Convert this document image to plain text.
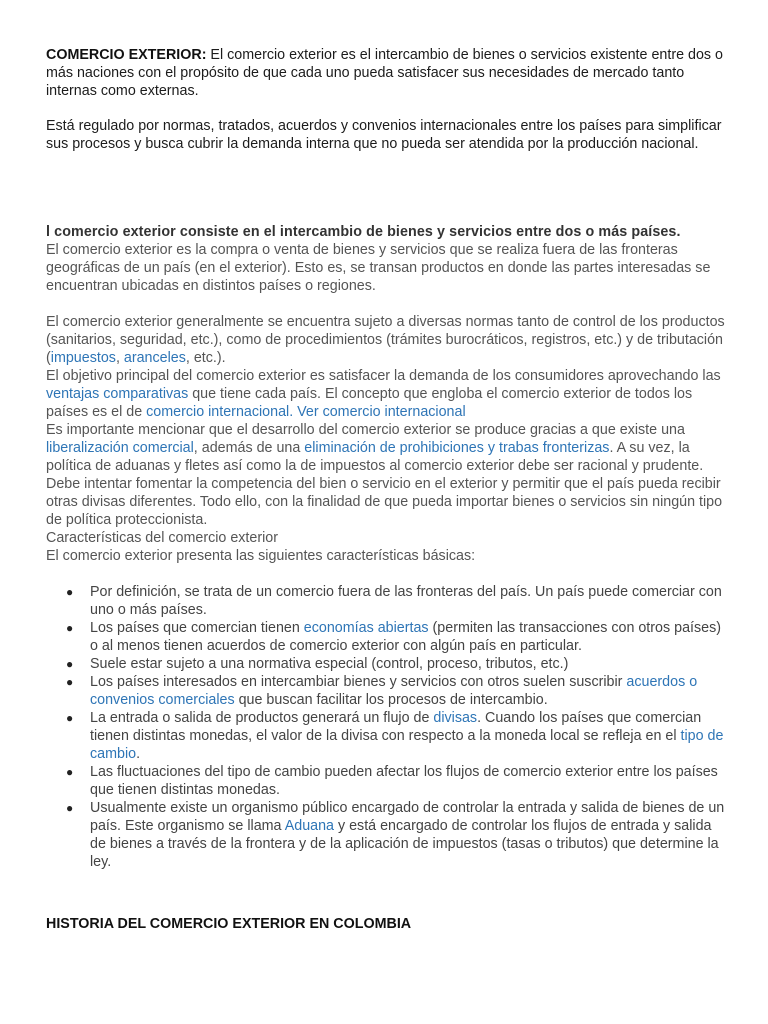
COMERCIO EXTERIOR: El comercio exterior es el intercambio de bienes o servicios existente entre dos o más naciones con el propósito de que cada uno pueda satisfacer sus necesidades de mercado tanto internas como externas.

Está regulado por normas, tratados, acuerdos y convenios internacionales entre los países para simplificar sus procesos y busca cubrir la demanda interna que no pueda ser atendida por la producción nacional.

l comercio exterior consiste en el intercambio de bienes y servicios entre dos o más países.
El comercio exterior es la compra o venta de bienes y servicios que se realiza fuera de las fronteras geográficas de un país (en el exterior). Esto es, se transan productos en donde las partes interesadas se encuentran ubicadas en distintos países o regiones.

El comercio exterior generalmente se encuentra sujeto a diversas normas tanto de control de los productos (sanitarios, seguridad, etc.), como de procedimientos (trámites burocráticos, registros, etc.) y de tributación (impuestos, aranceles, etc.).
El objetivo principal del comercio exterior es satisfacer la demanda de los consumidores aprovechando las ventajas comparativas que tiene cada país. El concepto que engloba el comercio exterior de todos los países es el de comercio internacional. Ver comercio internacional
Es importante mencionar que el desarrollo del comercio exterior se produce gracias a que existe una liberalización comercial, además de una eliminación de prohibiciones y trabas fronterizas. A su vez, la política de aduanas y fletes así como la de impuestos al comercio exterior debe ser racional y prudente. Debe intentar fomentar la competencia del bien o servicio en el exterior y permitir que el país pueda recibir otras divisas diferentes. Todo ello, con la finalidad de que pueda importar bienes o servicios sin ningún tipo de política proteccionista.
Características del comercio exterior
El comercio exterior presenta las siguientes características básicas:

● Por definición, se trata de un comercio fuera de las fronteras del país. Un país puede comerciar con uno o más países.
● Los países que comercian tienen economías abiertas (permiten las transacciones con otros países) o al menos tienen acuerdos de comercio exterior con algún país en particular.
● Suele estar sujeto a una normativa especial (control, proceso, tributos, etc.)
● Los países interesados en intercambiar bienes y servicios con otros suelen suscribir acuerdos o convenios comerciales que buscan facilitar los procesos de intercambio.
● La entrada o salida de productos generará un flujo de divisas. Cuando los países que comercian tienen distintas monedas, el valor de la divisa con respecto a la moneda local se refleja en el tipo de cambio.
● Las fluctuaciones del tipo de cambio pueden afectar los flujos de comercio exterior entre los países que tienen distintas monedas.
● Usualmente existe un organismo público encargado de controlar la entrada y salida de bienes de un país. Este organismo se llama Aduana y está encargado de controlar los flujos de entrada y salida de bienes a través de la frontera y de la aplicación de impuestos (tasas o tributos) que determine la ley.

HISTORIA DEL COMERCIO EXTERIOR EN COLOMBIA
